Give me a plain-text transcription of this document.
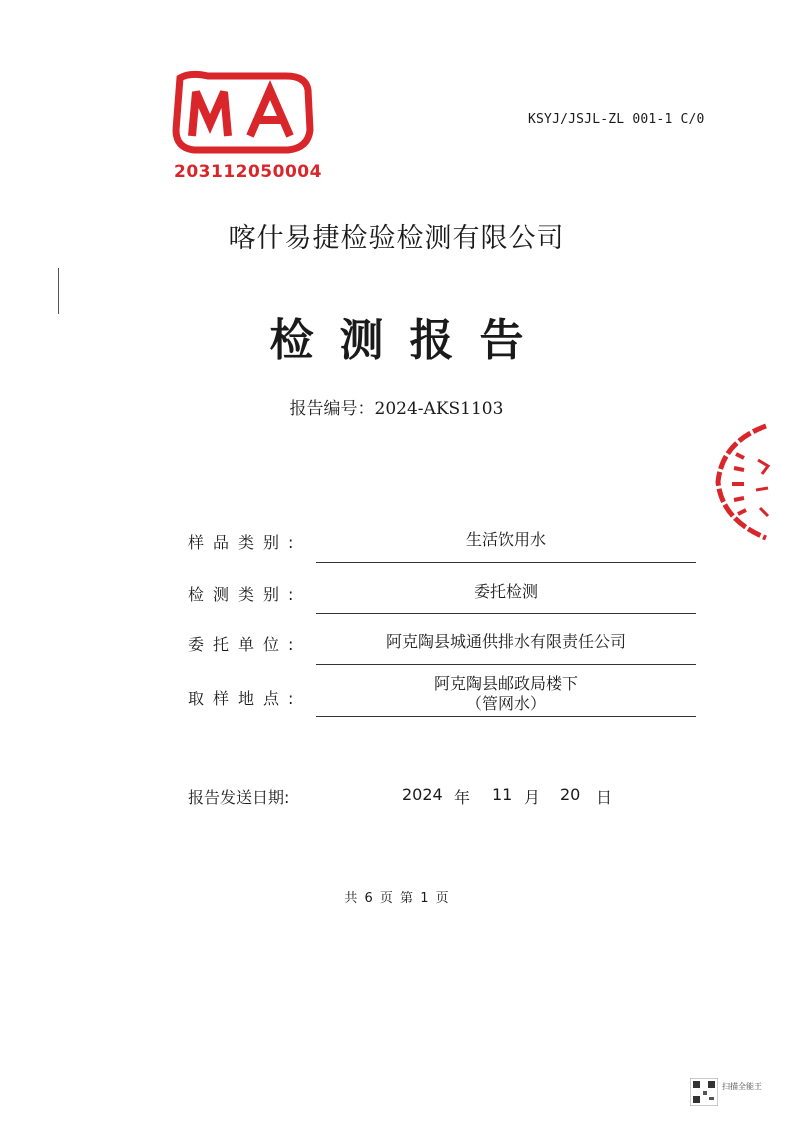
203112050004
KSYJ/JSJL-ZL 001-1 C/0
喀什易捷检验检测有限公司
检测报告
报告编号：2024-AKS1103
样品类别:	生活饮用水
检测类别:	委托检测
委托单位:	阿克陶县城通供排水有限责任公司
取样地点:
阿克陶县邮政局楼下
（管网水）
报告发送日期:	2024 年 11 月 20 日
共 6 页 第 1 页
扫描全能王
